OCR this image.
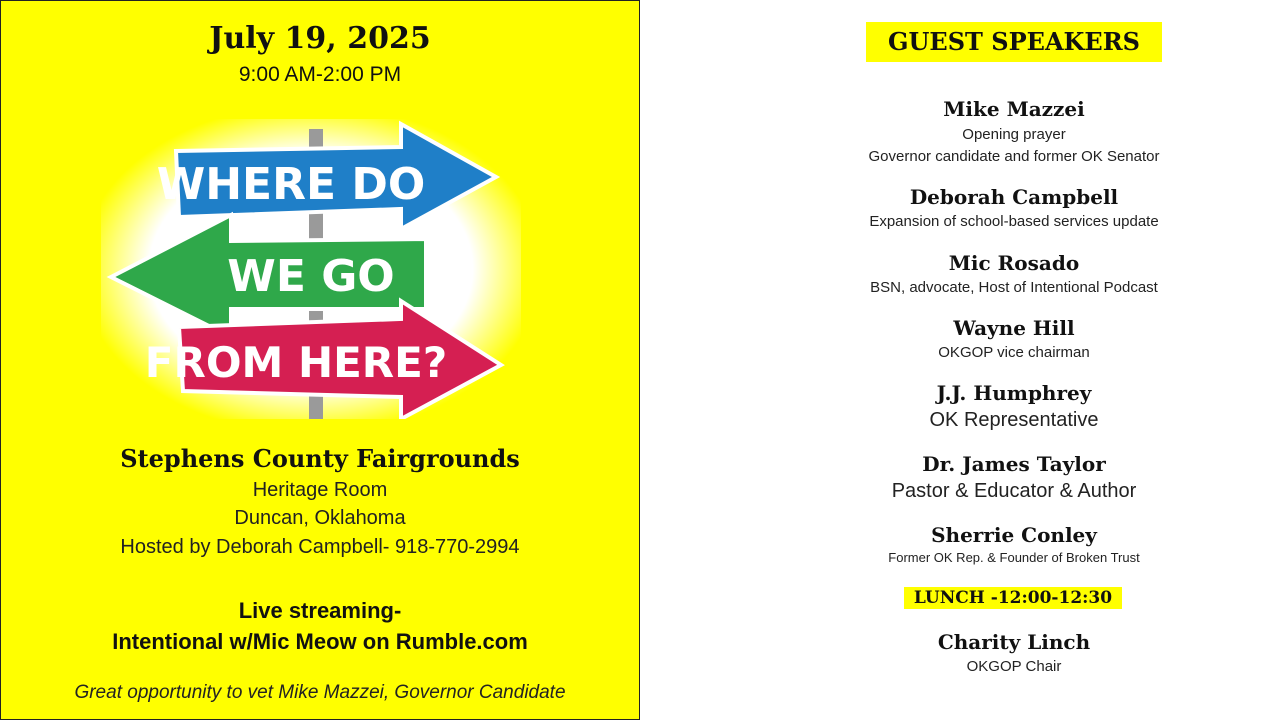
July 19, 2025
9:00 AM-2:00 PM
WHERE DO
WE GO
FROM HERE?
Stephens County Fairgrounds
Heritage Room
Duncan, Oklahoma
Hosted by Deborah Campbell- 918-770-2994
Live streaming-
Intentional w/Mic Meow on Rumble.com
Great opportunity to vet Mike Mazzei, Governor Candidate
GUEST SPEAKERS
Mike Mazzei
Opening prayer
Governor candidate and former OK Senator
Deborah Campbell
Expansion of school-based services update
Mic Rosado
BSN, advocate, Host of Intentional Podcast
Wayne Hill
OKGOP vice chairman
J.J. Humphrey
OK Representative
Dr. James Taylor
Pastor & Educator & Author
Sherrie Conley
Former OK Rep. & Founder of Broken Trust
LUNCH -12:00-12:30
Charity Linch
OKGOP Chair
